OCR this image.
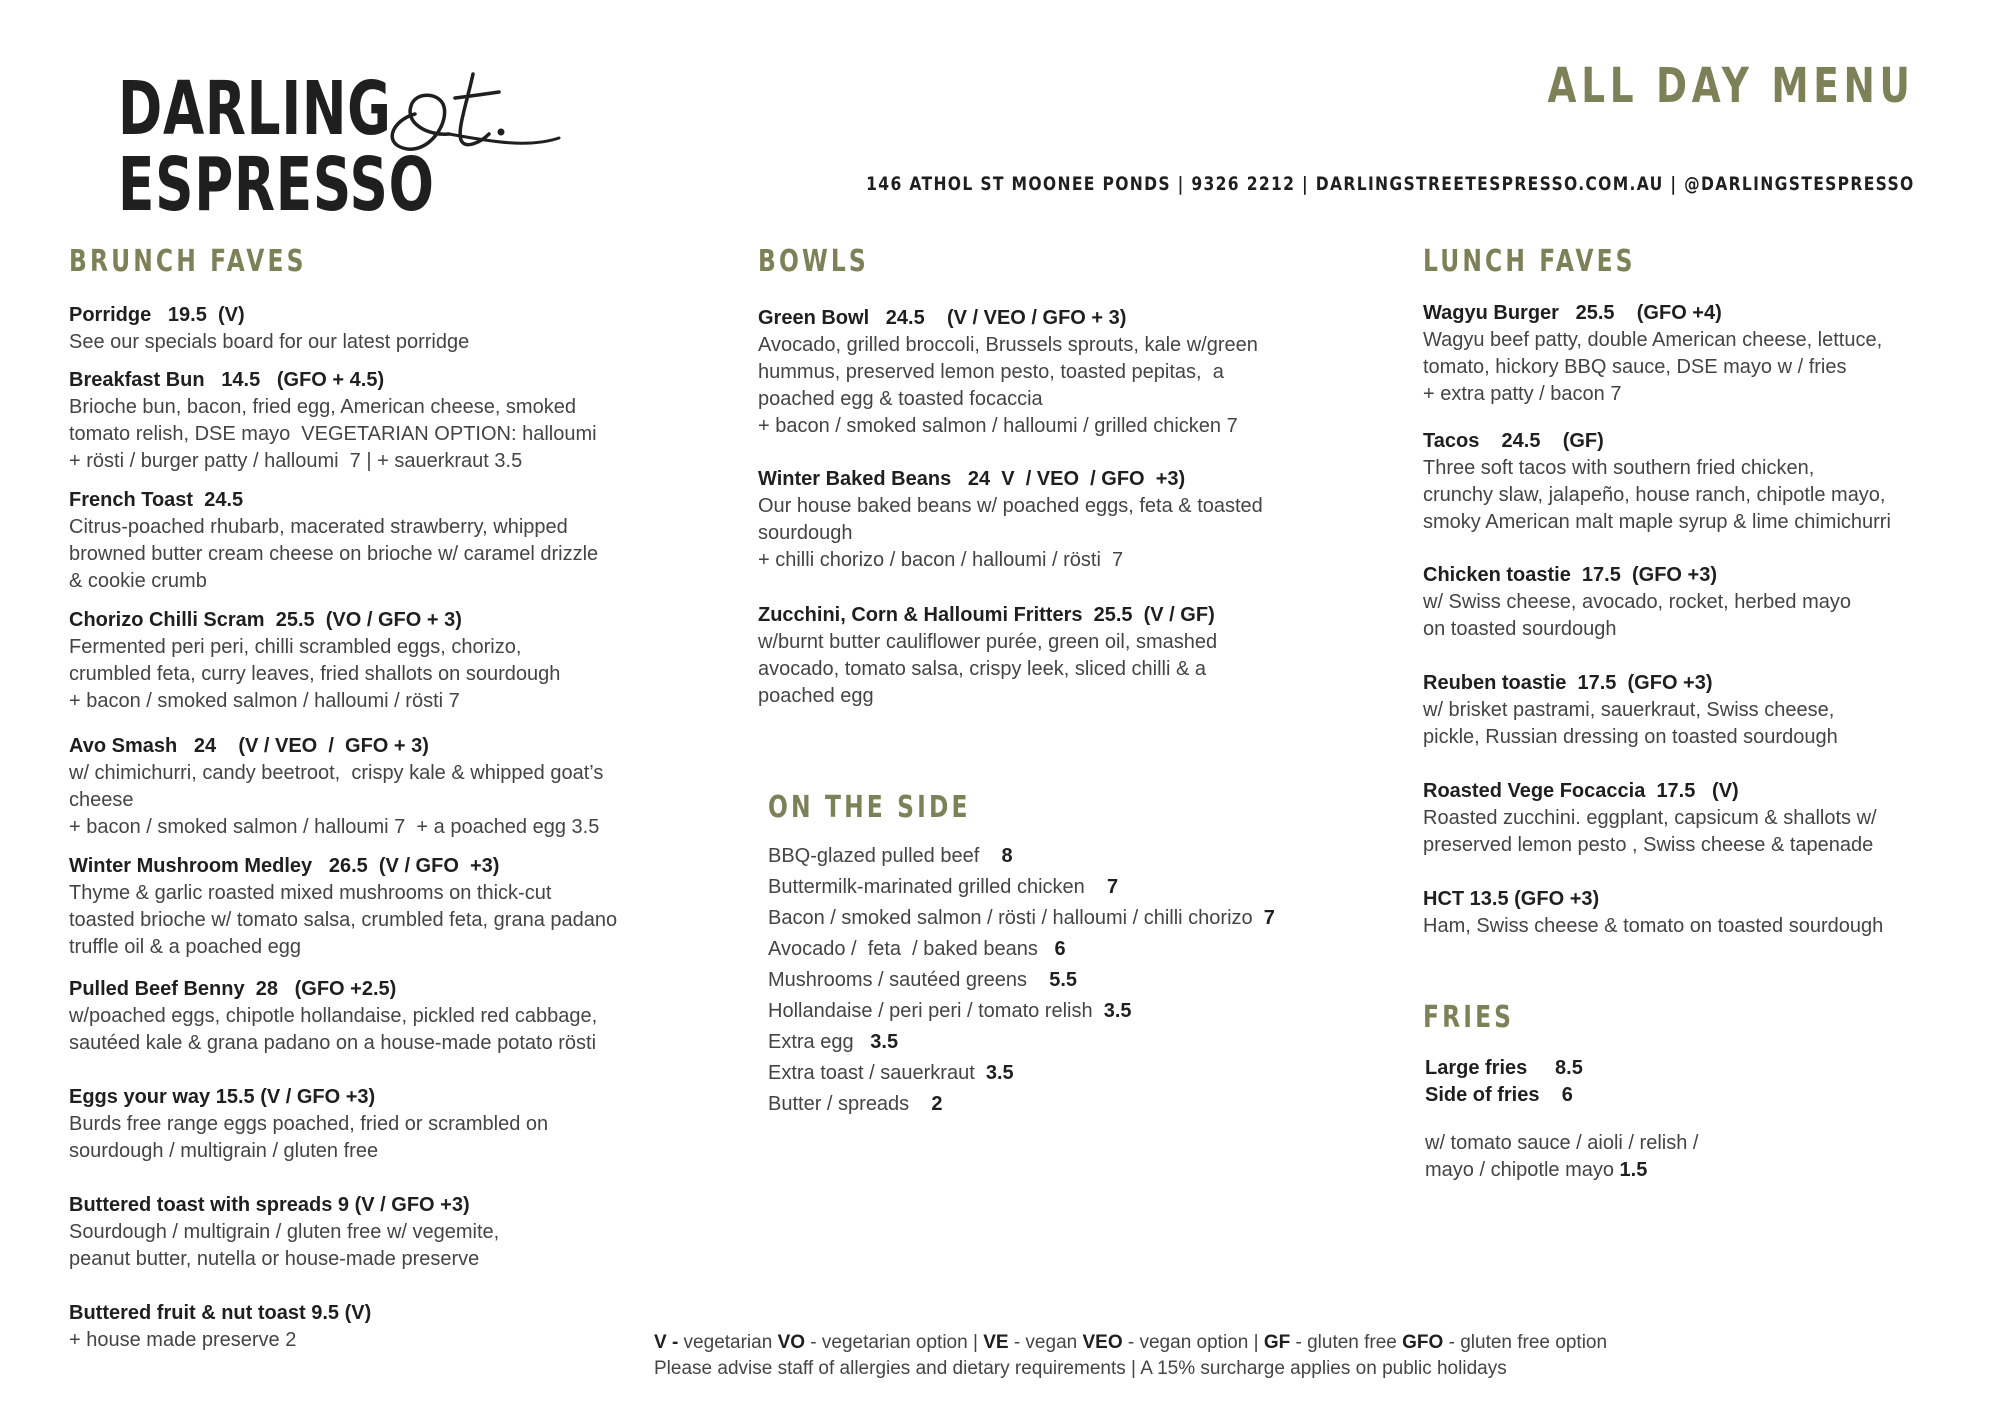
DARLING
ESPRESSO
ALL DAY MENU
146 ATHOL ST MOONEE PONDS | 9326 2212 | DARLINGSTREETESPRESSO.COM.AU | @DARLINGSTESPRESSO
BRUNCH FAVES
Porridge   19.5  (V)
See our specials board for our latest porridge
Breakfast Bun   14.5   (GFO + 4.5)
Brioche bun, bacon, fried egg, American cheese, smoked
tomato relish, DSE mayo  VEGETARIAN OPTION: halloumi
+ rösti / burger patty / halloumi  7 | + sauerkraut 3.5
French Toast  24.5
Citrus-poached rhubarb, macerated strawberry, whipped
browned butter cream cheese on brioche w/ caramel drizzle
& cookie crumb
Chorizo Chilli Scram  25.5  (VO / GFO + 3)
Fermented peri peri, chilli scrambled eggs, chorizo,
crumbled feta, curry leaves, fried shallots on sourdough
+ bacon / smoked salmon / halloumi / rösti 7
Avo Smash   24    (V / VEO  /  GFO + 3)
w/ chimichurri, candy beetroot,  crispy kale & whipped goat’s
cheese
+ bacon / smoked salmon / halloumi 7  + a poached egg 3.5
Winter Mushroom Medley   26.5  (V / GFO  +3)
Thyme & garlic roasted mixed mushrooms on thick-cut
toasted brioche w/ tomato salsa, crumbled feta, grana padano
truffle oil & a poached egg
Pulled Beef Benny  28   (GFO +2.5)
w/poached eggs, chipotle hollandaise, pickled red cabbage,
sautéed kale & grana padano on a house-made potato rösti
Eggs your way 15.5 (V / GFO +3)
Burds free range eggs poached, fried or scrambled on
sourdough / multigrain / gluten free
Buttered toast with spreads 9 (V / GFO +3)
Sourdough / multigrain / gluten free w/ vegemite,
peanut butter, nutella or house-made preserve
Buttered fruit & nut toast 9.5 (V)
+ house made preserve 2
BOWLS
Green Bowl   24.5    (V / VEO / GFO + 3)
Avocado, grilled broccoli, Brussels sprouts, kale w/green
hummus, preserved lemon pesto, toasted pepitas,  a
poached egg & toasted focaccia
+ bacon / smoked salmon / halloumi / grilled chicken 7
Winter Baked Beans   24  V  / VEO  / GFO  +3)
Our house baked beans w/ poached eggs, feta & toasted
sourdough
+ chilli chorizo / bacon / halloumi / rösti  7
Zucchini, Corn & Halloumi Fritters  25.5  (V / GF)
w/burnt butter cauliflower purée, green oil, smashed
avocado, tomato salsa, crispy leek, sliced chilli & a
poached egg
ON THE SIDE
BBQ-glazed pulled beef    8
Buttermilk-marinated grilled chicken    7
Bacon / smoked salmon / rösti / halloumi / chilli chorizo  7
Avocado /  feta  / baked beans   6
Mushrooms / sautéed greens    5.5
Hollandaise / peri peri / tomato relish  3.5
Extra egg   3.5
Extra toast / sauerkraut  3.5
Butter / spreads    2
LUNCH FAVES
Wagyu Burger   25.5    (GFO +4)
Wagyu beef patty, double American cheese, lettuce,
tomato, hickory BBQ sauce, DSE mayo w / fries
+ extra patty / bacon 7
Tacos    24.5    (GF)
Three soft tacos with southern fried chicken,
crunchy slaw, jalapeño, house ranch, chipotle mayo,
smoky American malt maple syrup & lime chimichurri
Chicken toastie  17.5  (GFO +3)
w/ Swiss cheese, avocado, rocket, herbed mayo
on toasted sourdough
Reuben toastie  17.5  (GFO +3)
w/ brisket pastrami, sauerkraut, Swiss cheese,
pickle, Russian dressing on toasted sourdough
Roasted Vege Focaccia  17.5   (V)
Roasted zucchini. eggplant, capsicum & shallots w/
preserved lemon pesto , Swiss cheese & tapenade
HCT 13.5 (GFO +3)
Ham, Swiss cheese & tomato on toasted sourdough
FRIES
Large fries     8.5
Side of fries    6
w/ tomato sauce / aioli / relish /
mayo / chipotle mayo 1.5
V - vegetarian VO - vegetarian option | VE - vegan VEO - vegan option | GF - gluten free GFO - gluten free option
Please advise staff of allergies and dietary requirements | A 15% surcharge applies on public holidays
